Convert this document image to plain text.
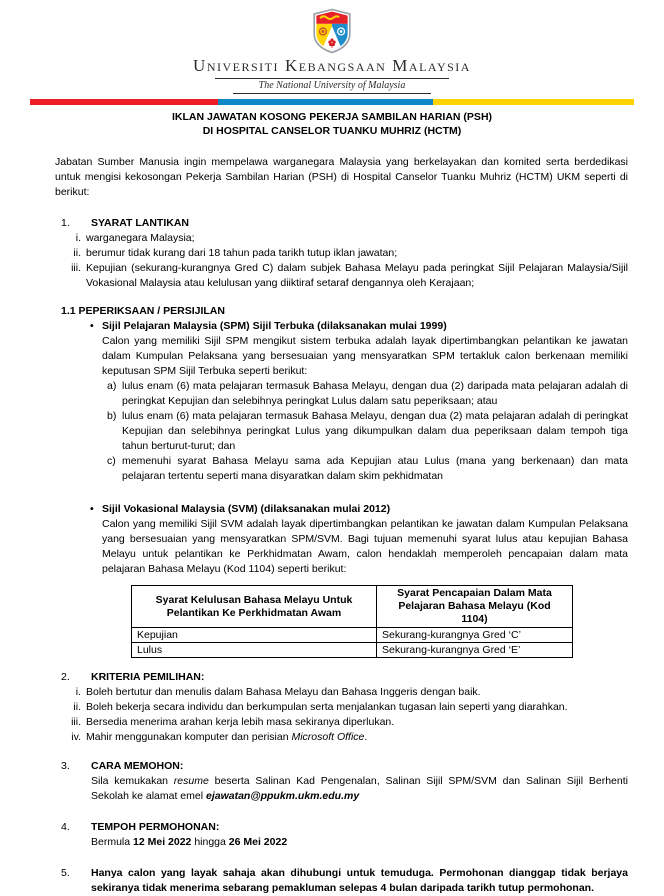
UNIVERSITI KEBANGSAAN MALAYSIA
The National University of Malaysia
IKLAN JAWATAN KOSONG PEKERJA SAMBILAN HARIAN (PSH)
DI HOSPITAL CANSELOR TUANKU MUHRIZ (HCTM)
Jabatan Sumber Manusia ingin mempelawa warganegara Malaysia yang berkelayakan dan komited serta berdedikasi untuk mengisi kekosongan Pekerja Sambilan Harian (PSH) di Hospital Canselor Tuanku Muhriz (HCTM) UKM seperti di berikut:
1.	SYARAT LANTIKAN
i. warganegara Malaysia;
ii. berumur tidak kurang dari 18 tahun pada tarikh tutup iklan jawatan;
iii. Kepujian (sekurang-kurangnya Gred C) dalam subjek Bahasa Melayu pada peringkat Sijil Pelajaran Malaysia/Sijil Vokasional Malaysia atau kelulusan yang diiktiraf setaraf dengannya oleh Kerajaan;
1.1 PEPERIKSAAN / PERSIJILAN
• Sijil Pelajaran Malaysia (SPM) Sijil Terbuka (dilaksanakan mulai 1999)
Calon yang memiliki Sijil SPM mengikut sistem terbuka adalah layak dipertimbangkan pelantikan ke jawatan dalam Kumpulan Pelaksana yang bersesuaian yang mensyaratkan SPM tertakluk calon berkenaan memiliki keputusan SPM Sijil Terbuka seperti berikut:
a) lulus enam (6) mata pelajaran termasuk Bahasa Melayu, dengan dua (2) daripada mata pelajaran adalah di peringkat Kepujian dan selebihnya peringkat Lulus dalam satu peperiksaan; atau
b) lulus enam (6) mata pelajaran termasuk Bahasa Melayu, dengan dua (2) mata pelajaran adalah di peringkat Kepujian dan selebihnya peringkat Lulus yang dikumpulkan dalam dua peperiksaan dalam tempoh tiga tahun berturut-turut; dan
c) memenuhi syarat Bahasa Melayu sama ada Kepujian atau Lulus (mana yang berkenaan) dan mata pelajaran tertentu seperti mana disyaratkan dalam skim pekhidmatan
• Sijil Vokasional Malaysia (SVM) (dilaksanakan mulai 2012)
Calon yang memiliki Sijil SVM adalah layak dipertimbangkan pelantikan ke jawatan dalam Kumpulan Pelaksana yang bersesuaian yang mensyaratkan SPM/SVM. Bagi tujuan memenuhi syarat lulus atau kepujian Bahasa Melayu untuk pelantikan ke Perkhidmatan Awam, calon hendaklah memperoleh pencapaian dalam mata pelajaran Bahasa Melayu (Kod 1104) seperti berikut:
Syarat Kelulusan Bahasa Melayu Untuk Pelantikan Ke Perkhidmatan Awam	Syarat Pencapaian Dalam Mata Pelajaran Bahasa Melayu (Kod 1104)
Kepujian	Sekurang-kurangnya Gred ‘C’
Lulus	Sekurang-kurangnya Gred ‘E’
2.	KRITERIA PEMILIHAN:
i. Boleh bertutur dan menulis dalam Bahasa Melayu dan Bahasa Inggeris dengan baik.
ii. Boleh bekerja secara individu dan berkumpulan serta menjalankan tugasan lain seperti yang diarahkan.
iii. Bersedia menerima arahan kerja lebih masa sekiranya diperlukan.
iv. Mahir menggunakan komputer dan perisian Microsoft Office.
3.	CARA MEMOHON:
Sila kemukakan resume beserta Salinan Kad Pengenalan, Salinan Sijil SPM/SVM dan Salinan Sijil Berhenti Sekolah ke alamat emel ejawatan@ppukm.ukm.edu.my
4.	TEMPOH PERMOHONAN:
Bermula 12 Mei 2022 hingga 26 Mei 2022
5.	Hanya calon yang layak sahaja akan dihubungi untuk temuduga. Permohonan dianggap tidak berjaya sekiranya tidak menerima sebarang pemakluman selepas 4 bulan daripada tarikh tutup permohonan.
